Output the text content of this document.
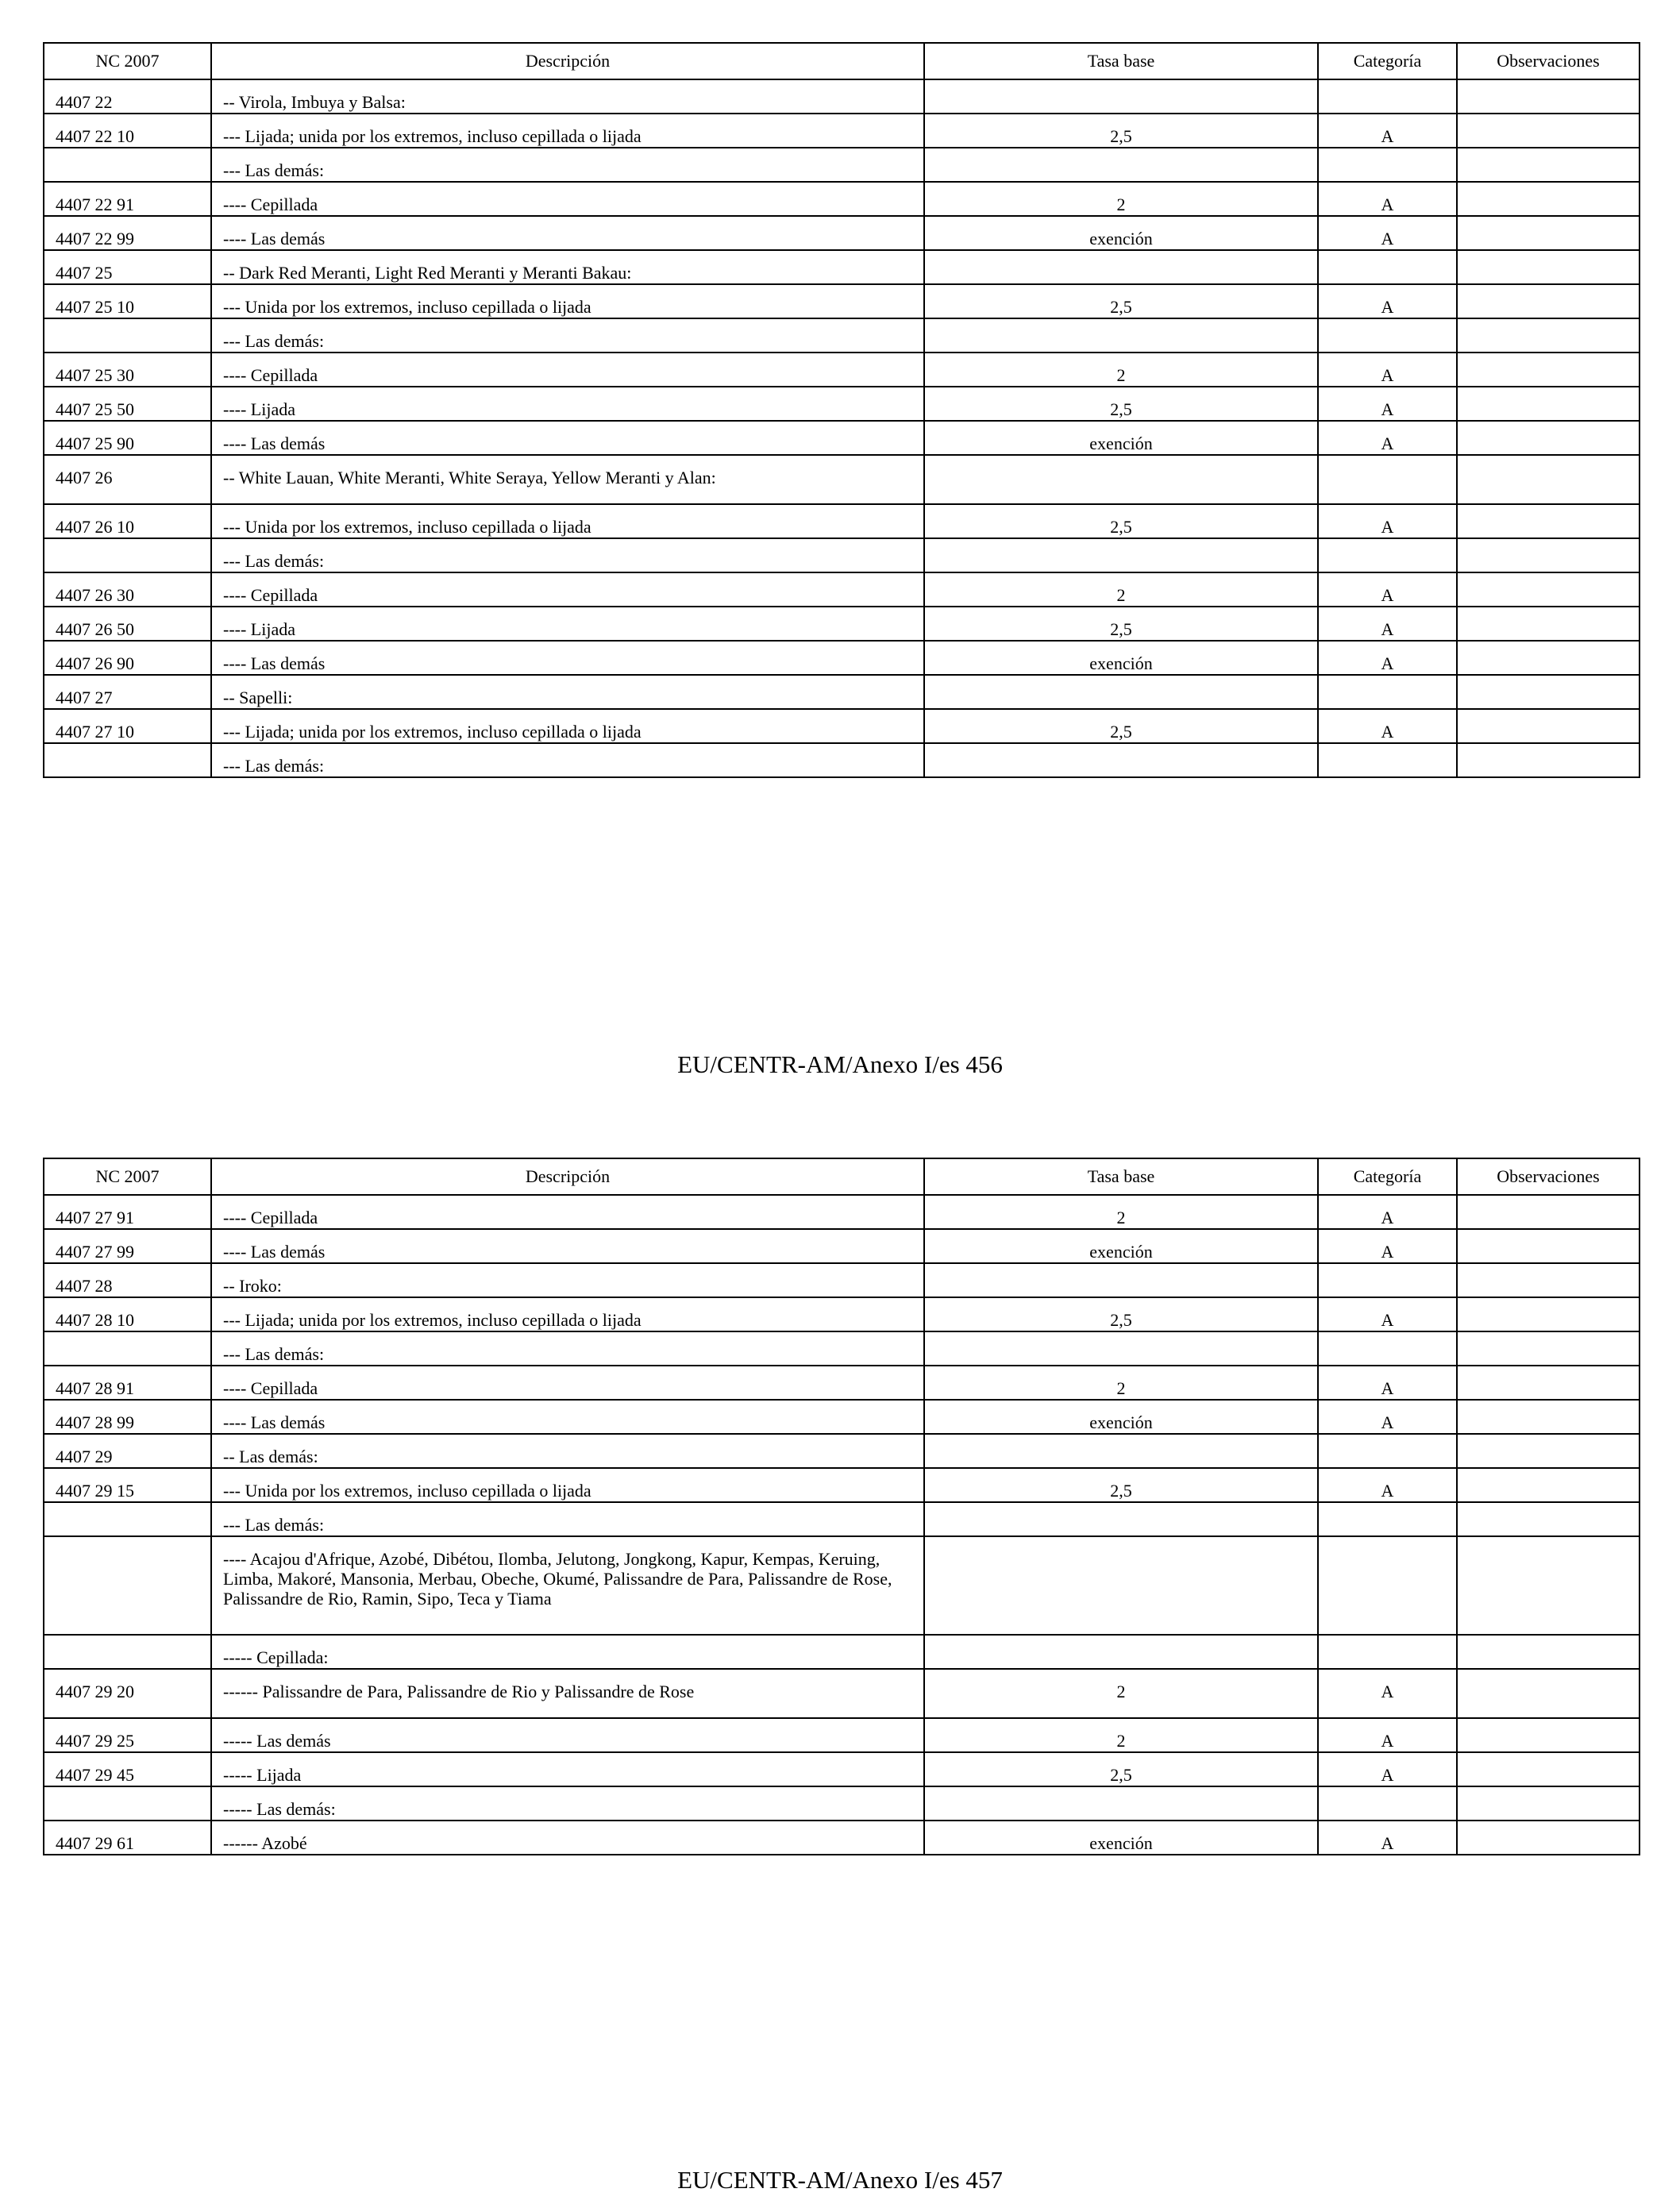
NC 2007	Descripción	Tasa base	Categoría	Observaciones
4407 22	-- Virola, Imbuya y Balsa:			
4407 22 10	--- Lijada; unida por los extremos, incluso cepillada o lijada	2,5	A	
	--- Las demás:			
4407 22 91	---- Cepillada	2	A	
4407 22 99	---- Las demás	exención	A	
4407 25	-- Dark Red Meranti, Light Red Meranti y Meranti Bakau:			
4407 25 10	--- Unida por los extremos, incluso cepillada o lijada	2,5	A	
	--- Las demás:			
4407 25 30	---- Cepillada	2	A	
4407 25 50	---- Lijada	2,5	A	
4407 25 90	---- Las demás	exención	A	
4407 26	-- White Lauan, White Meranti, White Seraya, Yellow Meranti y Alan:			
4407 26 10	--- Unida por los extremos, incluso cepillada o lijada	2,5	A	
	--- Las demás:			
4407 26 30	---- Cepillada	2	A	
4407 26 50	---- Lijada	2,5	A	
4407 26 90	---- Las demás	exención	A	
4407 27	-- Sapelli:			
4407 27 10	--- Lijada; unida por los extremos, incluso cepillada o lijada	2,5	A	
	--- Las demás:			
EU/CENTR-AM/Anexo I/es 456
NC 2007	Descripción	Tasa base	Categoría	Observaciones
4407 27 91	---- Cepillada	2	A	
4407 27 99	---- Las demás	exención	A	
4407 28	-- Iroko:			
4407 28 10	--- Lijada; unida por los extremos, incluso cepillada o lijada	2,5	A	
	--- Las demás:			
4407 28 91	---- Cepillada	2	A	
4407 28 99	---- Las demás	exención	A	
4407 29	-- Las demás:			
4407 29 15	--- Unida por los extremos, incluso cepillada o lijada	2,5	A	
	--- Las demás:			
	---- Acajou d'Afrique, Azobé, Dibétou, Ilomba, Jelutong, Jongkong, Kapur, Kempas, Keruing, Limba, Makoré, Mansonia, Merbau, Obeche, Okumé, Palissandre de Para, Palissandre de Rose, Palissandre de Rio, Ramin, Sipo, Teca y Tiama			
	----- Cepillada:			
4407 29 20	------ Palissandre de Para, Palissandre de Rio y Palissandre de Rose	2	A	
4407 29 25	----- Las demás	2	A	
4407 29 45	----- Lijada	2,5	A	
	----- Las demás:			
4407 29 61	------ Azobé	exención	A	
EU/CENTR-AM/Anexo I/es 457
